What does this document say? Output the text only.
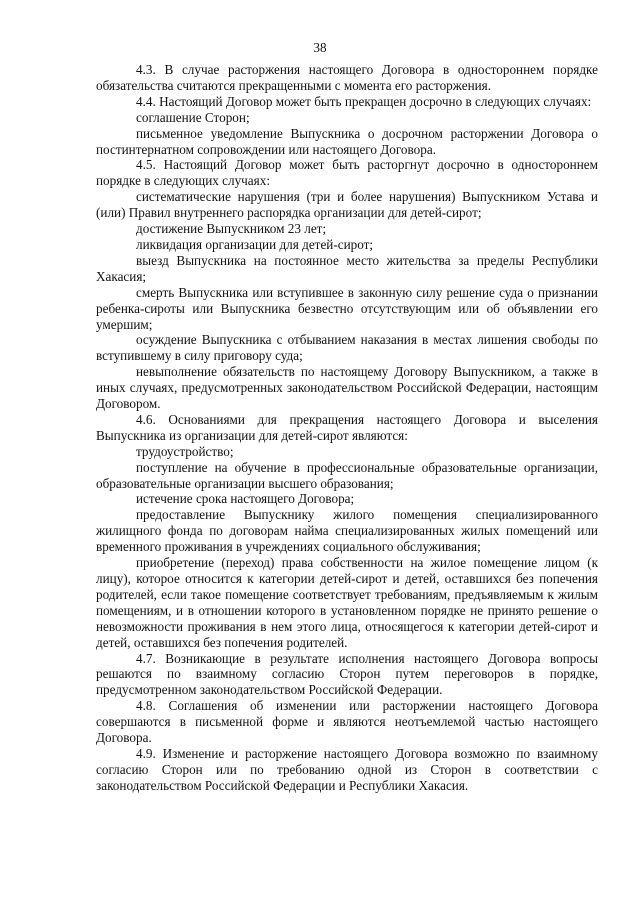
38

4.3. В случае расторжения настоящего Договора в одностороннем порядке обязательства считаются прекращенными с момента его расторжения.

4.4. Настоящий Договор может быть прекращен досрочно в следующих случаях:

соглашение Сторон;

письменное уведомление Выпускника о досрочном расторжении Договора о постинтернатном сопровождении или настоящего Договора.

4.5. Настоящий Договор может быть расторгнут досрочно в одностороннем порядке в следующих случаях:

систематические нарушения (три и более нарушения) Выпускником Устава и (или) Правил внутреннего распорядка организации для детей-сирот;

достижение Выпускником 23 лет;

ликвидация организации для детей-сирот;

выезд Выпускника на постоянное место жительства за пределы Республики Хакасия;

смерть Выпускника или вступившее в законную силу решение суда о признании ребенка-сироты или Выпускника безвестно отсутствующим или об объявлении его умершим;

осуждение Выпускника с отбыванием наказания в местах лишения свободы по вступившему в силу приговору суда;

невыполнение обязательств по настоящему Договору Выпускником, а также в иных случаях, предусмотренных законодательством Российской Федерации, настоящим Договором.

4.6. Основаниями для прекращения настоящего Договора и выселения Выпускника из организации для детей-сирот являются:

трудоустройство;

поступление на обучение в профессиональные образовательные организации, образовательные организации высшего образования;

истечение срока настоящего Договора;

предоставление Выпускнику жилого помещения специализированного жилищного фонда по договорам найма специализированных жилых помещений или временного проживания в учреждениях социального обслуживания;

приобретение (переход) права собственности на жилое помещение лицом (к лицу), которое относится к категории детей-сирот и детей, оставшихся без попечения родителей, если такое помещение соответствует требованиям, предъявляемым к жилым помещениям, и в отношении которого в установленном порядке не принято решение о невозможности проживания в нем этого лица, относящегося к категории детей-сирот и детей, оставшихся без попечения родителей.

4.7. Возникающие в результате исполнения настоящего Договора вопросы решаются по взаимному согласию Сторон путем переговоров в порядке, предусмотренном законодательством Российской Федерации.

4.8. Соглашения об изменении или расторжении настоящего Договора совершаются в письменной форме и являются неотъемлемой частью настоящего Договора.

4.9. Изменение и расторжение настоящего Договора возможно по взаимному согласию Сторон или по требованию одной из Сторон в соответствии с законодательством Российской Федерации и Республики Хакасия.
